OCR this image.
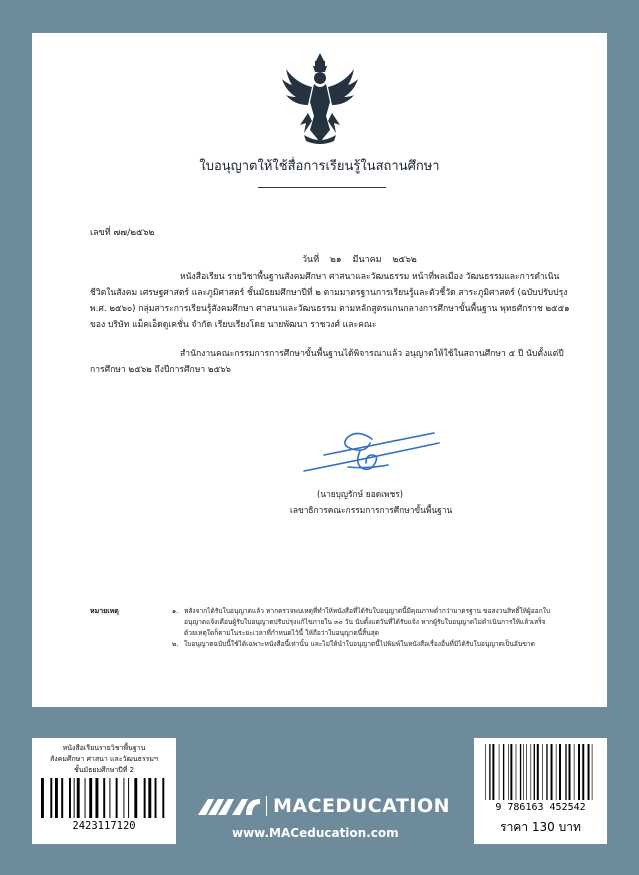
ใบอนุญาตให้ใช้สื่อการเรียนรู้ในสถานศึกษา
เลขที่ ๗๗/๒๕๖๒
วันที่ ๒๑ มีนาคม ๒๕๖๒
หนังสือเรียน รายวิชาพื้นฐานสังคมศึกษา ศาสนาและวัฒนธรรม หน้าที่พลเมือง วัฒนธรรมและการดำเนินชีวิตในสังคม เศรษฐศาสตร์ และภูมิศาสตร์ ชั้นมัธยมศึกษาปีที่ ๒ ตามมาตรฐานการเรียนรู้และตัวชี้วัด สาระภูมิศาสตร์ (ฉบับปรับปรุง พ.ศ. ๒๕๖๐) กลุ่มสาระการเรียนรู้สังคมศึกษา ศาสนาและวัฒนธรรม ตามหลักสูตรแกนกลางการศึกษาขั้นพื้นฐาน พุทธศักราช ๒๕๕๑ ของ บริษัท แม็คเอ็ดดูเคชั่น จำกัด เรียบเรียงโดย นายพัฒนา ราชวงศ์ และคณะ
สำนักงานคณะกรรมการการศึกษาขั้นพื้นฐานได้พิจารณาแล้ว อนุญาตให้ใช้ในสถานศึกษา ๕ ปี นับตั้งแต่ปีการศึกษา ๒๕๖๒ ถึงปีการศึกษา ๒๕๖๖
(นายบุญรักษ์ ยอดเพชร)
เลขาธิการคณะกรรมการการศึกษาขั้นพื้นฐาน
หมายเหตุ	๑. หลังจากได้รับใบอนุญาตแล้ว หากตรวจพบเหตุที่ทำให้หนังสือที่ได้รับใบอนุญาตนี้มีคุณภาพต่ำกว่ามาตรฐาน ขอสงวนสิทธิ์ให้ผู้ออกใบอนุญาตแจ้งเตือนผู้รับใบอนุญาตปรับปรุงแก้ไขภายใน ๓๐ วัน นับตั้งแต่วันที่ได้รับแจ้ง หากผู้รับใบอนุญาตไม่ดำเนินการให้แล้วเสร็จด้วยเหตุใดก็ตามในระยะเวลาที่กำหนดไว้นี้ ให้ถือว่าใบอนุญาตนี้สิ้นสุด
๒. ใบอนุญาตฉบับนี้ใช้ได้เฉพาะหนังสือนี้เท่านั้น และไม่ให้นำใบอนุญาตนี้ไปพิมพ์ในหนังสือเรื่องอื่นที่มิได้รับใบอนุญาตเป็นอันขาด
หนังสือเรียนรายวิชาพื้นฐาน
สังคมศึกษา ศาสนา และวัฒนธรรมฯ
ชั้นมัธยมศึกษาปีที่ 2
2423117120
MACEDUCATION
www.MACeducation.com
9 786163 452542
ราคา 130 บาท
